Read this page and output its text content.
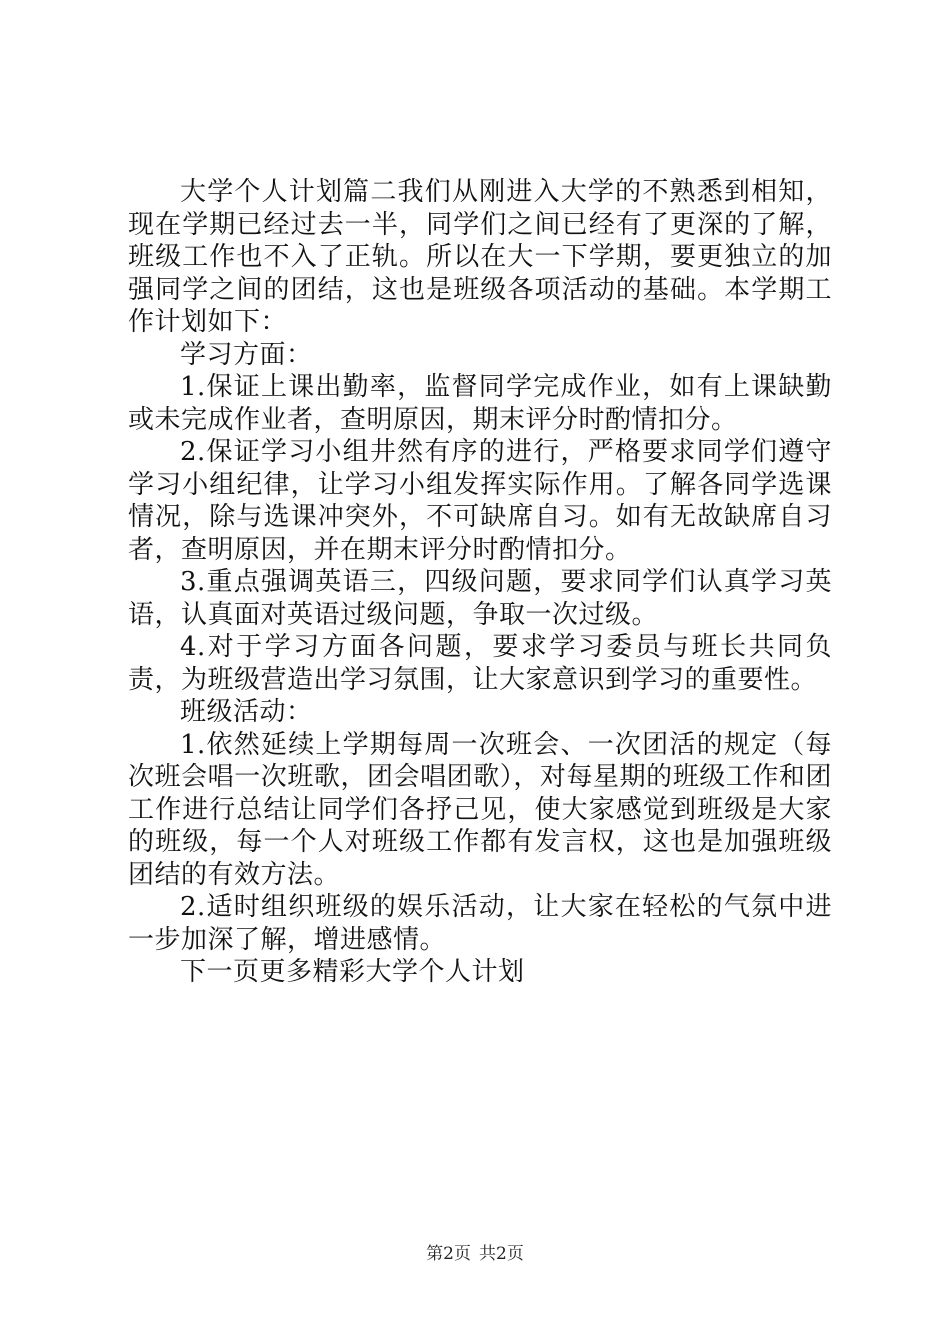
大学个人计划篇二我们从刚进入大学的不熟悉到相知，现在学期已经过去一半，同学们之间已经有了更深的了解，班级工作也不入了正轨。所以在大一下学期，要更独立的加强同学之间的团结，这也是班级各项活动的基础。本学期工作计划如下：

学习方面：

1.保证上课出勤率，监督同学完成作业，如有上课缺勤或未完成作业者，查明原因，期末评分时酌情扣分。

2.保证学习小组井然有序的进行，严格要求同学们遵守学习小组纪律，让学习小组发挥实际作用。了解各同学选课情况，除与选课冲突外，不可缺席自习。如有无故缺席自习者，查明原因，并在期末评分时酌情扣分。

3.重点强调英语三，四级问题，要求同学们认真学习英语，认真面对英语过级问题，争取一次过级。

4.对于学习方面各问题，要求学习委员与班长共同负责，为班级营造出学习氛围，让大家意识到学习的重要性。

班级活动：

1.依然延续上学期每周一次班会、一次团活的规定（每次班会唱一次班歌，团会唱团歌），对每星期的班级工作和团工作进行总结让同学们各抒己见，使大家感觉到班级是大家的班级，每一个人对班级工作都有发言权，这也是加强班级团结的有效方法。

2.适时组织班级的娱乐活动，让大家在轻松的气氛中进一步加深了解，增进感情。

下一页更多精彩大学个人计划

第2页 共2页
